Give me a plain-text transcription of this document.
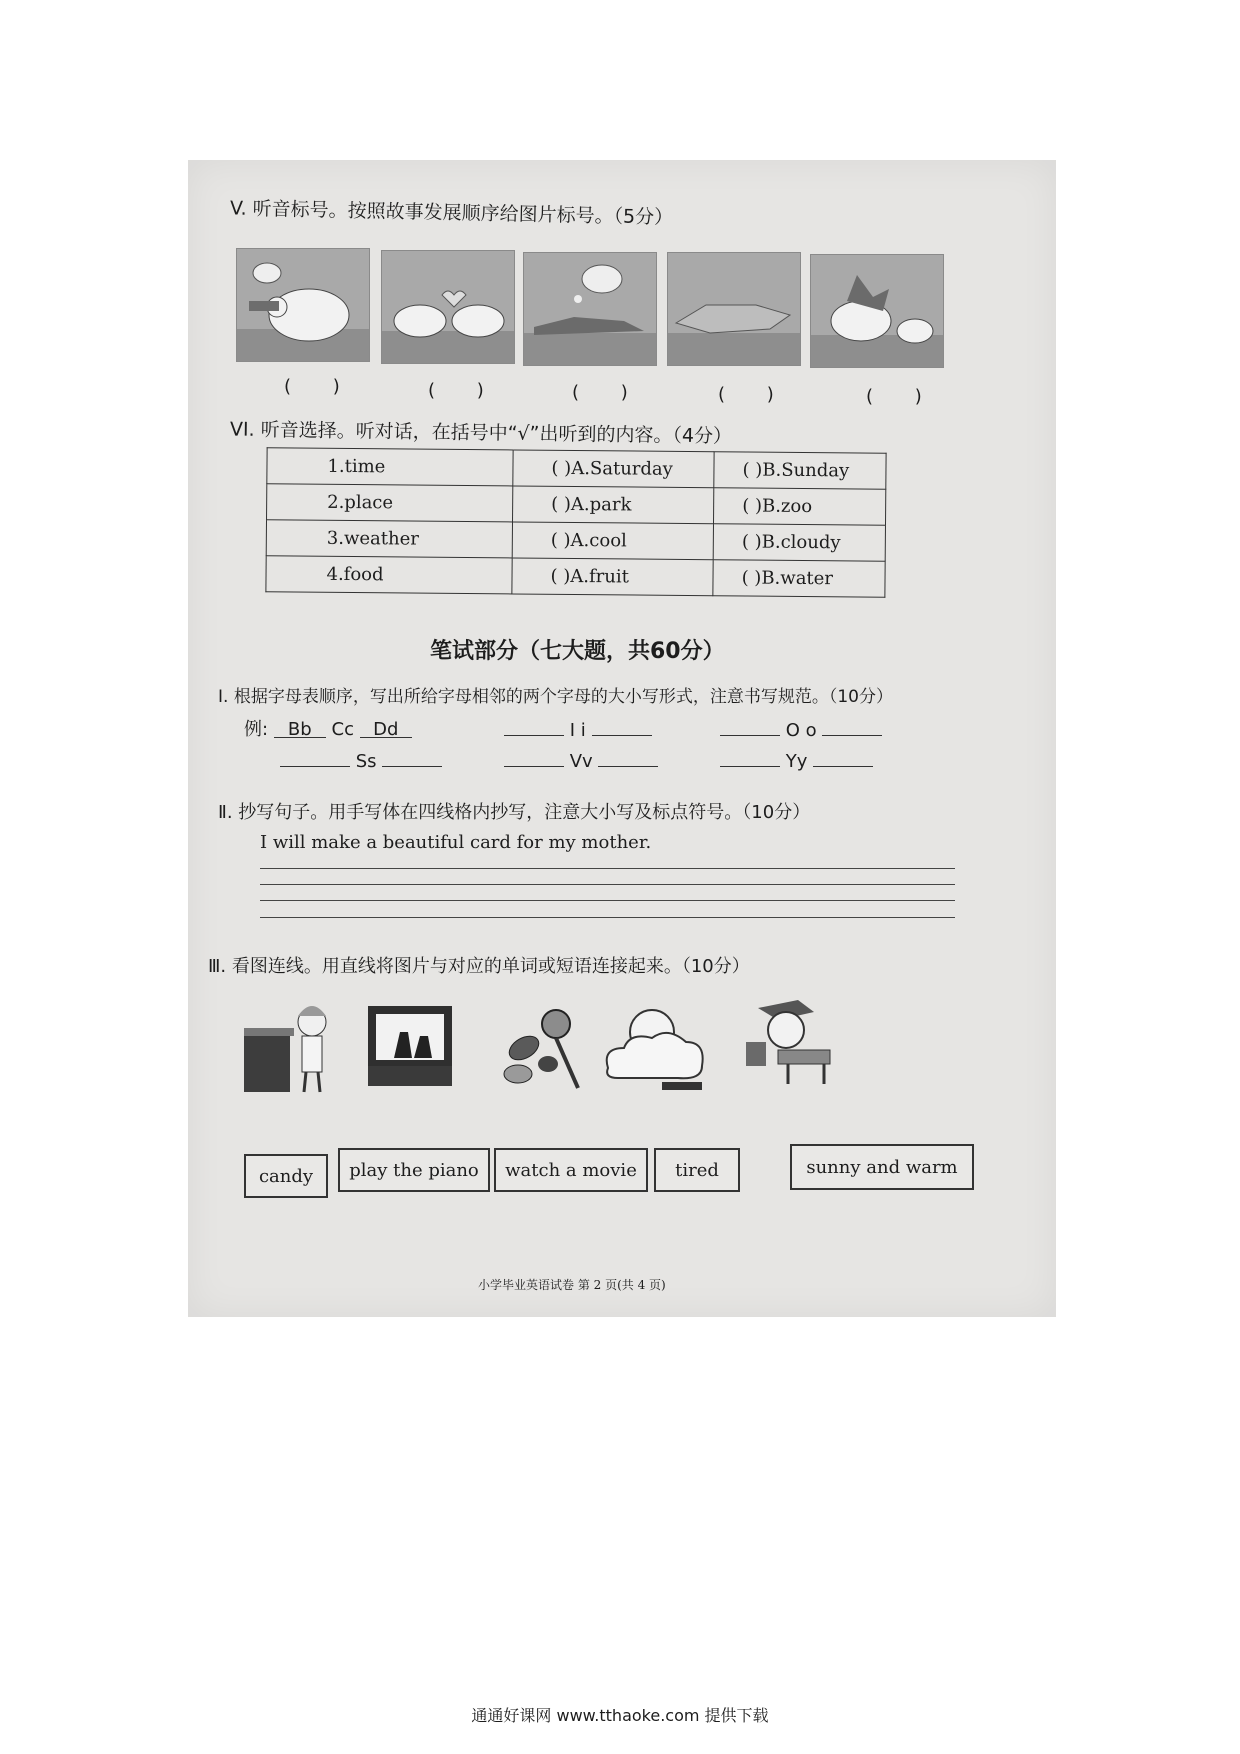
V. 听音标号。按照故事发展顺序给图片标号。（5分）
( )	( )	( )	( )	( )
VI. 听音选择。听对话，在括号中“√”出听到的内容。（4分）
1.time	( )A.Saturday	( )B.Sunday
2.place	( )A.park	( )B.zoo
3.weather	( )A.cool	( )B.cloudy
4.food	( )A.fruit	( )B.water
笔试部分（七大题，共60分）
Ⅰ. 根据字母表顺序，写出所给字母相邻的两个字母的大小写形式，注意书写规范。（10分）
例: Bb Cc Dd	I i	O o
Ss	Vv	Yy
Ⅱ. 抄写句子。用手写体在四线格内抄写，注意大小写及标点符号。（10分）
I will make a beautiful card for my mother.
Ⅲ. 看图连线。用直线将图片与对应的单词或短语连接起来。（10分）
candy	play the piano	watch a movie	tired	sunny and warm
小学毕业英语试卷 第 2 页(共 4 页)
通通好课网 www.tthaoke.com 提供下载
